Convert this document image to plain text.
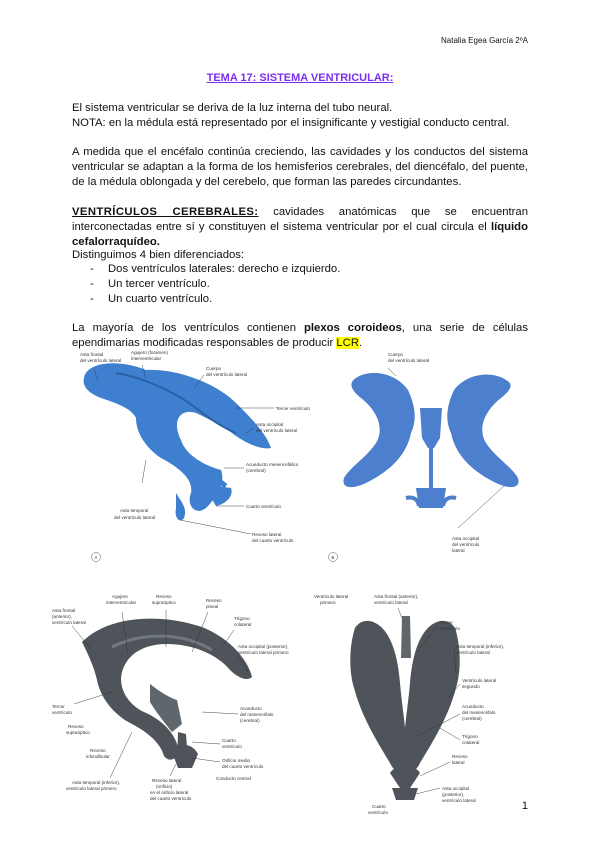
Natalia Egea García 2ºA
TEMA 17: SISTEMA VENTRICULAR:
El sistema ventricular se deriva de la luz interna del tubo neural.
NOTA: en la médula está representado por el insignificante y vestigial conducto central.
A medida que el encéfalo continúa creciendo, las cavidades y los conductos del sistema ventricular se adaptan a la forma de los hemisferios cerebrales, del diencéfalo, del puente, de la médula oblongada y del cerebelo, que forman las paredes circundantes.
VENTRÍCULOS CEREBRALES: cavidades anatómicas que se encuentran interconectadas entre sí y constituyen el sistema ventricular por el cual circula el líquido cefalorraquídeo.
Distinguimos 4 bien diferenciados:
- Dos ventrículos laterales: derecho e izquierdo.
- Un tercer ventrículo.
- Un cuarto ventrículo.
La mayoría de los ventrículos contienen plexos coroideos, una serie de células ependimarias modificadas responsables de producir LCR.
Asta frontal del ventrículo lateral
Agujero (foramen) interventricular
Cuerpo del ventrículo lateral
Tercer ventrículo
Asta occipital del ventrículo lateral
Acueducto mesencefálico (cerebral)
Cuarto ventrículo
Asta temporal del ventrículo lateral
Receso lateral del cuarto ventrículo
A
Cuerpo del ventrículo lateral
Asta occipital del ventrículo lateral
B
Asta frontal (anterior), ventrículo lateral
Agujero interventricular
Receso supraóptico	Receso pineal
Trígono colateral
Asta occipital (posterior), ventrículo lateral primero
Tercer ventrículo
Receso supraóptico
Receso infundibular
Acueducto del mesencéfalo (cerebral)
Cuarto ventrículo
Orificio medio del cuarto ventrículo
Conducto central
Asta temporal (inferior), ventrículo lateral primero
Receso lateral (orificio) en el orificio lateral del cuarto ventrículo
Ventrículo lateral primero
Asta frontal (anterior), ventrículo lateral
Tercer ventrículo
Asta temporal (inferior), ventrículo lateral
Ventrículo lateral segundo
Acueducto del mesencéfalo (cerebral)
Trígono colateral
Receso lateral
Cuarto ventrículo
Asta occipital (posterior), ventrículo lateral	1
